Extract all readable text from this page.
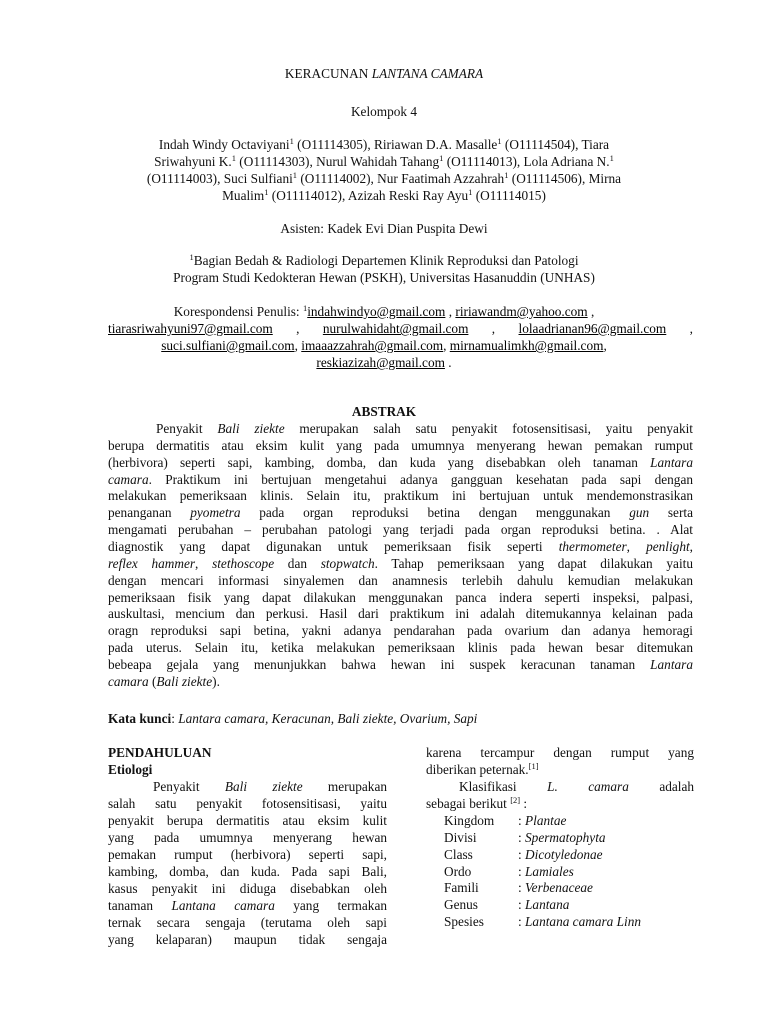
KERACUNAN LANTANA CAMARA
Kelompok 4
Indah Windy Octaviyani$^1$ (O11114305), Ririawan D.A. Masalle$^1$ (O11114504), Tiara
Sriwahyuni K.$^1$ (O11114303), Nurul Wahidah Tahang$^1$ (O11114013), Lola Adriana N.$^1$
(O11114003), Suci Sulfiani$^1$ (O11114002), Nur Faatimah Azzahrah$^1$ (O11114506), Mirna
Mualim$^1$ (O11114012), Azizah Reski Ray Ayu$^1$ (O11114015)
Asisten: Kadek Evi Dian Puspita Dewi
$^1$Bagian Bedah & Radiologi Departemen Klinik Reproduksi dan Patologi
Program Studi Kedokteran Hewan (PSKH), Universitas Hasanuddin (UNHAS)
Korespondensi Penulis: $^1$indahwindyo@gmail.com , ririawandm@yahoo.com ,
tiarasriwahyuni97@gmail.com , nurulwahidaht@gmail.com , lolaadrianan96@gmail.com ,
suci.sulfiani@gmail.com, imaaazzahrah@gmail.com, mirnamualimkh@gmail.com,
reskiazizah@gmail.com .
ABSTRAK
Penyakit Bali ziekte merupakan salah satu penyakit fotosensitisasi, yaitu penyakit
berupa dermatitis atau eksim kulit yang pada umumnya menyerang hewan pemakan rumput
(herbivora) seperti sapi, kambing, domba, dan kuda yang disebabkan oleh tanaman Lantara
camara. Praktikum ini bertujuan mengetahui adanya gangguan kesehatan pada sapi dengan
melakukan pemeriksaan klinis. Selain itu, praktikum ini bertujuan untuk mendemonstrasikan
penanganan pyometra pada organ reproduksi betina dengan menggunakan gun serta
mengamati perubahan – perubahan patologi yang terjadi pada organ reproduksi betina. . Alat
diagnostik yang dapat digunakan untuk pemeriksaan fisik seperti thermometer, penlight,
reflex hammer, stethoscope dan stopwatch. Tahap pemeriksaan yang dapat dilakukan yaitu
dengan mencari informasi sinyalemen dan anamnesis terlebih dahulu kemudian melakukan
pemeriksaan fisik yang dapat dilakukan menggunakan panca indera seperti inspeksi, palpasi,
auskultasi, mencium dan perkusi. Hasil dari praktikum ini adalah ditemukannya kelainan pada
oragn reproduksi sapi betina, yakni adanya pendarahan pada ovarium dan adanya hemoragi
pada uterus. Selain itu, ketika melakukan pemeriksaan klinis pada hewan besar ditemukan
bebeapa gejala yang menunjukkan bahwa hewan ini suspek keracunan tanaman Lantara
camara (Bali ziekte).
Kata kunci: Lantara camara, Keracunan, Bali ziekte, Ovarium, Sapi
PENDAHULUAN
Etiologi
Penyakit Bali ziekte merupakan
salah satu penyakit fotosensitisasi, yaitu
penyakit berupa dermatitis atau eksim kulit
yang pada umumnya menyerang hewan
pemakan rumput (herbivora) seperti sapi,
kambing, domba, dan kuda. Pada sapi Bali,
kasus penyakit ini diduga disebabkan oleh
tanaman Lantana camara yang termakan
ternak secara sengaja (terutama oleh sapi
yang kelaparan) maupun tidak sengaja
karena tercampur dengan rumput yang
diberikan peternak.[1]
Klasifikasi L. camara adalah
sebagai berikut [2] :
Kingdom : Plantae
Divisi	: Spermatophyta
Class	: Dicotyledonae
Ordo	: Lamiales
Famili	: Verbenaceae
Genus	: Lantana
Spesies	: Lantana camara Linn
